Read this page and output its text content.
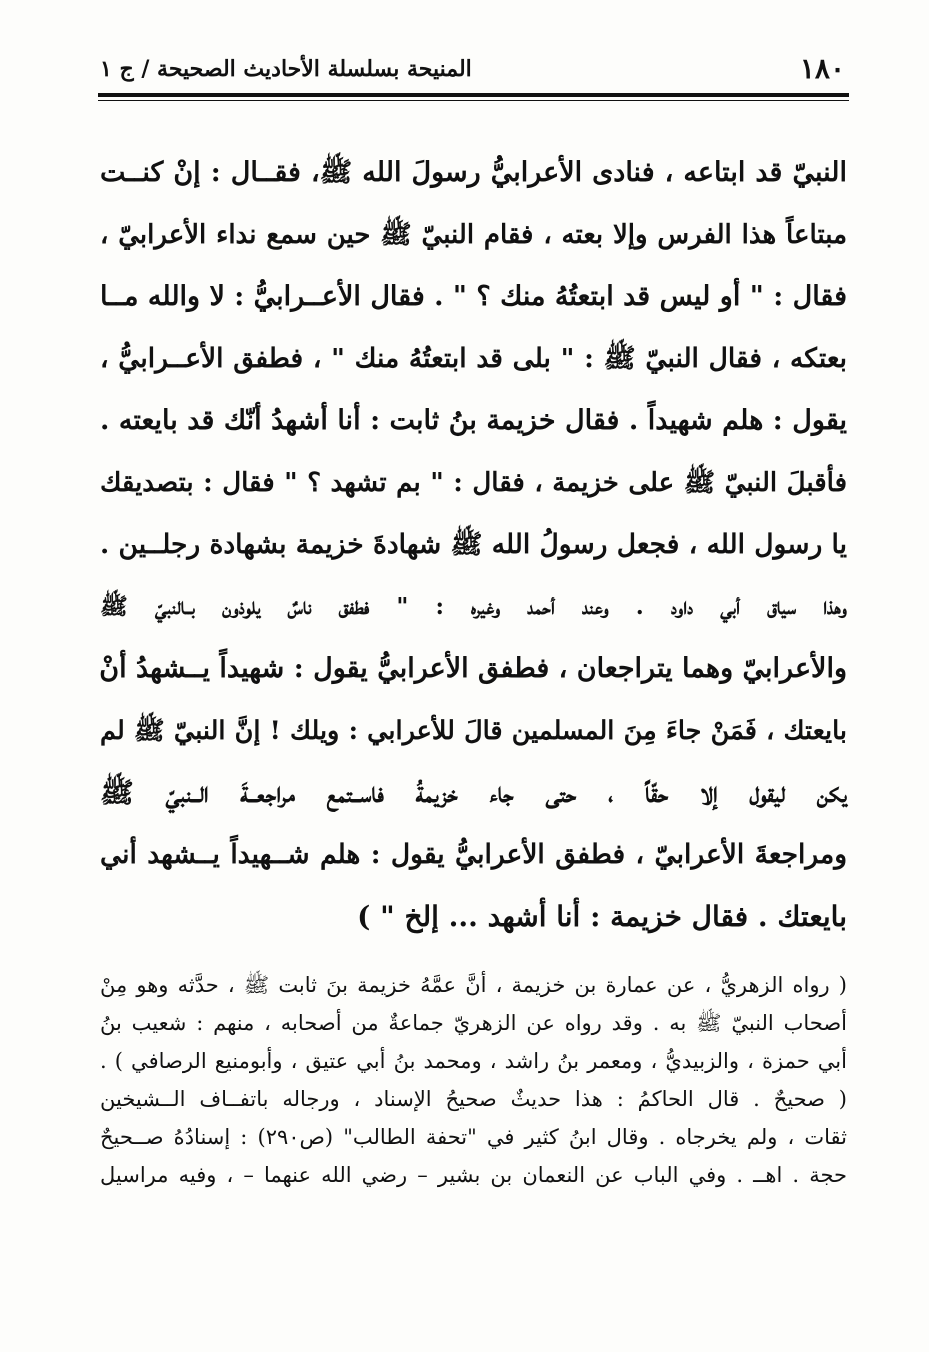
١٨٠
المنيحة بسلسلة الأحاديث الصحيحة / ج ١
النبيّ قد ابتاعه ، فنادى الأعرابيُّ رسولَ الله ﷺ، فقــال : إنْ كنــت
مبتاعاً هذا الفرس وإلا بعته ، فقام النبيّ ﷺ حين سمع نداء الأعرابيّ ،
فقال : " أو ليس قد ابتعتُهُ منك ؟ " . فقال الأعــرابيُّ : لا والله مــا
بعتكه ، فقال النبيّ ﷺ : " بلى قد ابتعتُهُ منك " ، فطفق الأعــرابيُّ ،
يقول : هلم شهيداً . فقال خزيمة بنُ ثابت : أنا أشهدُ أنّك قد بايعته .
فأقبلَ النبيّ ﷺ على خزيمة ، فقال : " بم تشهد ؟ " فقال : بتصديقك
يا رسول الله ، فجعل رسولُ الله ﷺ شهادةَ خزيمة بشهادة رجلــين .
وهذا سياق أبي داود . وعند أحمد وغيره : " فطفق ناسٌ يلوذون بــالنبيّ ﷺ
والأعرابيّ وهما يتراجعان ، فطفق الأعرابيُّ يقول : شهيداً يــشهدُ أنْ
بايعتك ، فَمَنْ جاءَ مِنَ المسلمين قالَ للأعرابي : ويلك ! إنَّ النبيّ ﷺ لم
يكن ليقول إلا حقّاً ، حتى جاء خزيمةُ فاســتمع مراجعــةَ الــنبيّ ﷺ
ومراجعةَ الأعرابيّ ، فطفق الأعرابيُّ يقول : هلم شــهيداً يــشهد أني
بايعتك . فقال خزيمة : أنا أشهد ... إلخ " )
( رواه الزهريُّ ، عن عمارة بن خزيمة ، أنَّ عمَّهُ خزيمة بنَ ثابت ﷺ ، حدَّثه وهو مِنْ
أصحاب النبيّ ﷺ به . وقد رواه عن الزهريّ جماعةٌ من أصحابه ، منهم : شعيب بنُ
أبي حمزة ، والزبيديُّ ، ومعمر بنُ راشد ، ومحمد بنُ أبي عتيق ، وأبومنيع الرصافي ) .
( صحيحٌ . قال الحاكمُ : هذا حديثٌ صحيحُ الإسناد ، ورجاله باتفــاف الــشيخين
ثقات ، ولم يخرجاه . وقال ابنُ كثير في "تحفة الطالب" (ص٢٩٠) : إسنادُهُ صــحيحٌ
حجة . اهــ . وفي الباب عن النعمان بن بشير – رضي الله عنهما – ، وفيه مراسيل
